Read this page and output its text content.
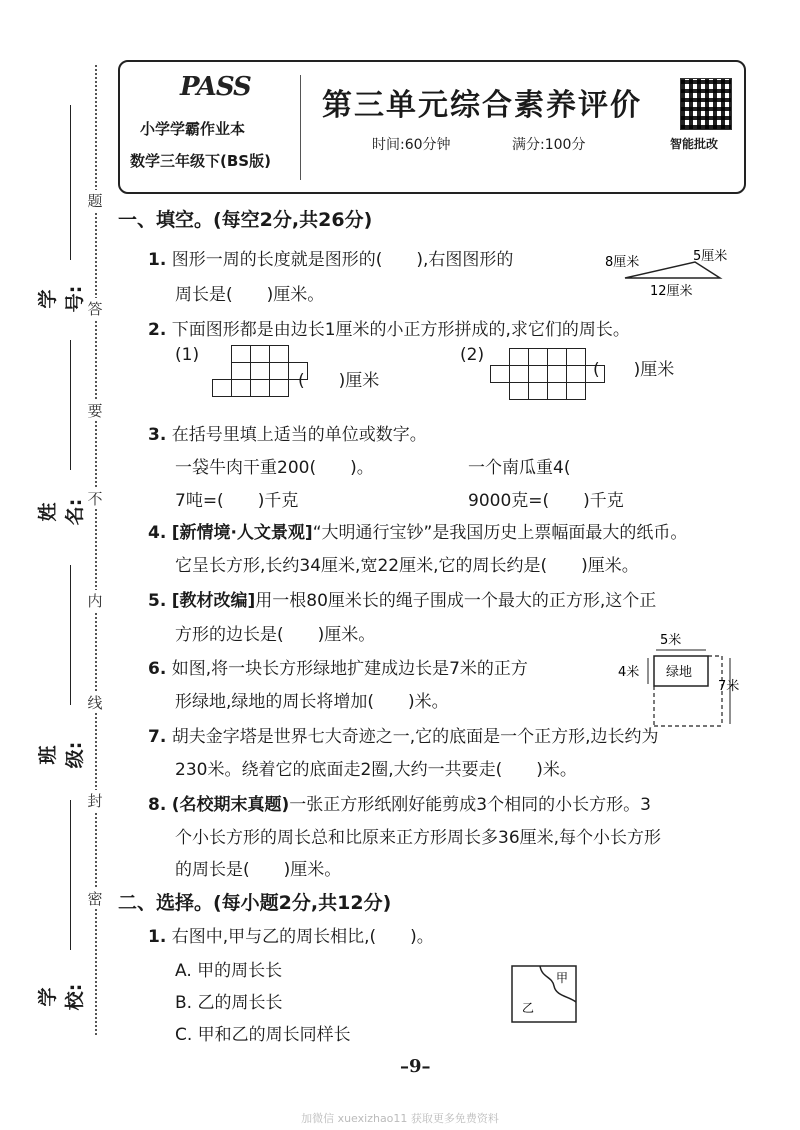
题
答
要
不
内
线
封
密
学号:
姓名:
班级:
学校:
PASS
小学学霸作业本
数学三年级下(BS版)
第三单元综合素养评价
时间:60分钟	满分:100分	智能批改
一、填空。(每空2分,共26分)
1. 图形一周的长度就是图形的(　　),右图图形的
周长是(　　)厘米。
8厘米	5厘米
12厘米
2. 下面图形都是由边长1厘米的小正方形拼成的,求它们的周长。
(1)

(　　)厘米
(2)

(　　)厘米
3. 在括号里填上适当的单位或数字。
一袋牛肉干重200(　　)。	一个南瓜重4(
7吨=(　　)千克	9000克=(　　)千克
4. [新情境·人文景观]“大明通行宝钞”是我国历史上票幅面最大的纸币。
它呈长方形,长约34厘米,宽22厘米,它的周长约是(　　)厘米。
5. [教材改编]用一根80厘米长的绳子围成一个最大的正方形,这个正
方形的边长是(　　)厘米。
6. 如图,将一块长方形绿地扩建成边长是7米的正方
形绿地,绿地的周长将增加(　　)米。
5米
4米 绿地
7米
7. 胡夫金字塔是世界七大奇迹之一,它的底面是一个正方形,边长约为
230米。绕着它的底面走2圈,大约一共要走(　　)米。
8. (名校期末真题)一张正方形纸刚好能剪成3个相同的小长方形。3
个小长方形的周长总和比原来正方形周长多36厘米,每个小长方形
的周长是(　　)厘米。
二、选择。(每小题2分,共12分)
1. 右图中,甲与乙的周长相比,(　　)。
A. 甲的周长长
B. 乙的周长长
C. 甲和乙的周长同样长
甲
乙
–9–
加微信 xuexizhao11 获取更多免费资料
